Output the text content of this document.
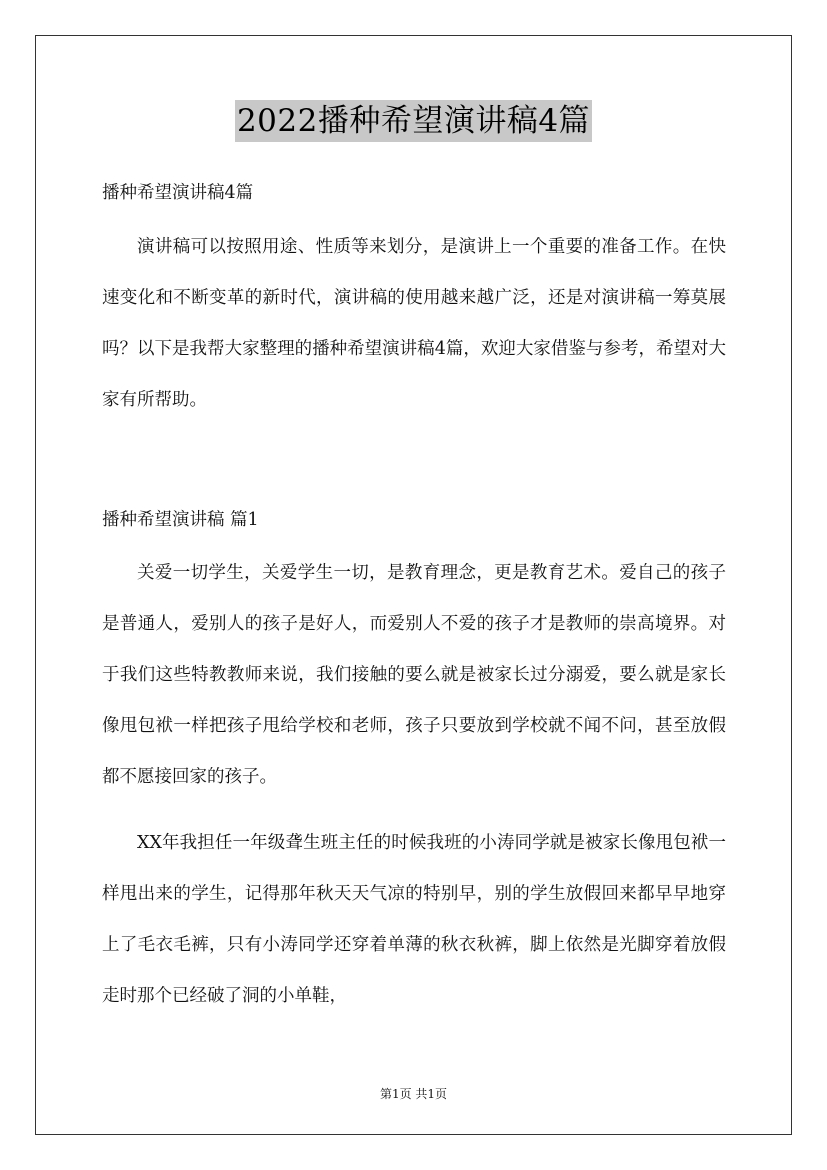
2022播种希望演讲稿4篇
播种希望演讲稿4篇
演讲稿可以按照用途、性质等来划分，是演讲上一个重要的准备工作。在快速变化和不断变革的新时代，演讲稿的使用越来越广泛，还是对演讲稿一筹莫展吗？以下是我帮大家整理的播种希望演讲稿4篇，欢迎大家借鉴与参考，希望对大家有所帮助。
播种希望演讲稿 篇1
关爱一切学生，关爱学生一切，是教育理念，更是教育艺术。爱自己的孩子是普通人，爱别人的孩子是好人，而爱别人不爱的孩子才是教师的崇高境界。对于我们这些特教教师来说，我们接触的要么就是被家长过分溺爱，要么就是家长像甩包袱一样把孩子甩给学校和老师，孩子只要放到学校就不闻不问，甚至放假都不愿接回家的孩子。
XX年我担任一年级聋生班主任的时候我班的小涛同学就是被家长像甩包袱一样甩出来的学生，记得那年秋天天气凉的特别早，别的学生放假回来都早早地穿上了毛衣毛裤，只有小涛同学还穿着单薄的秋衣秋裤，脚上依然是光脚穿着放假走时那个已经破了洞的小单鞋，
第1页 共1页
